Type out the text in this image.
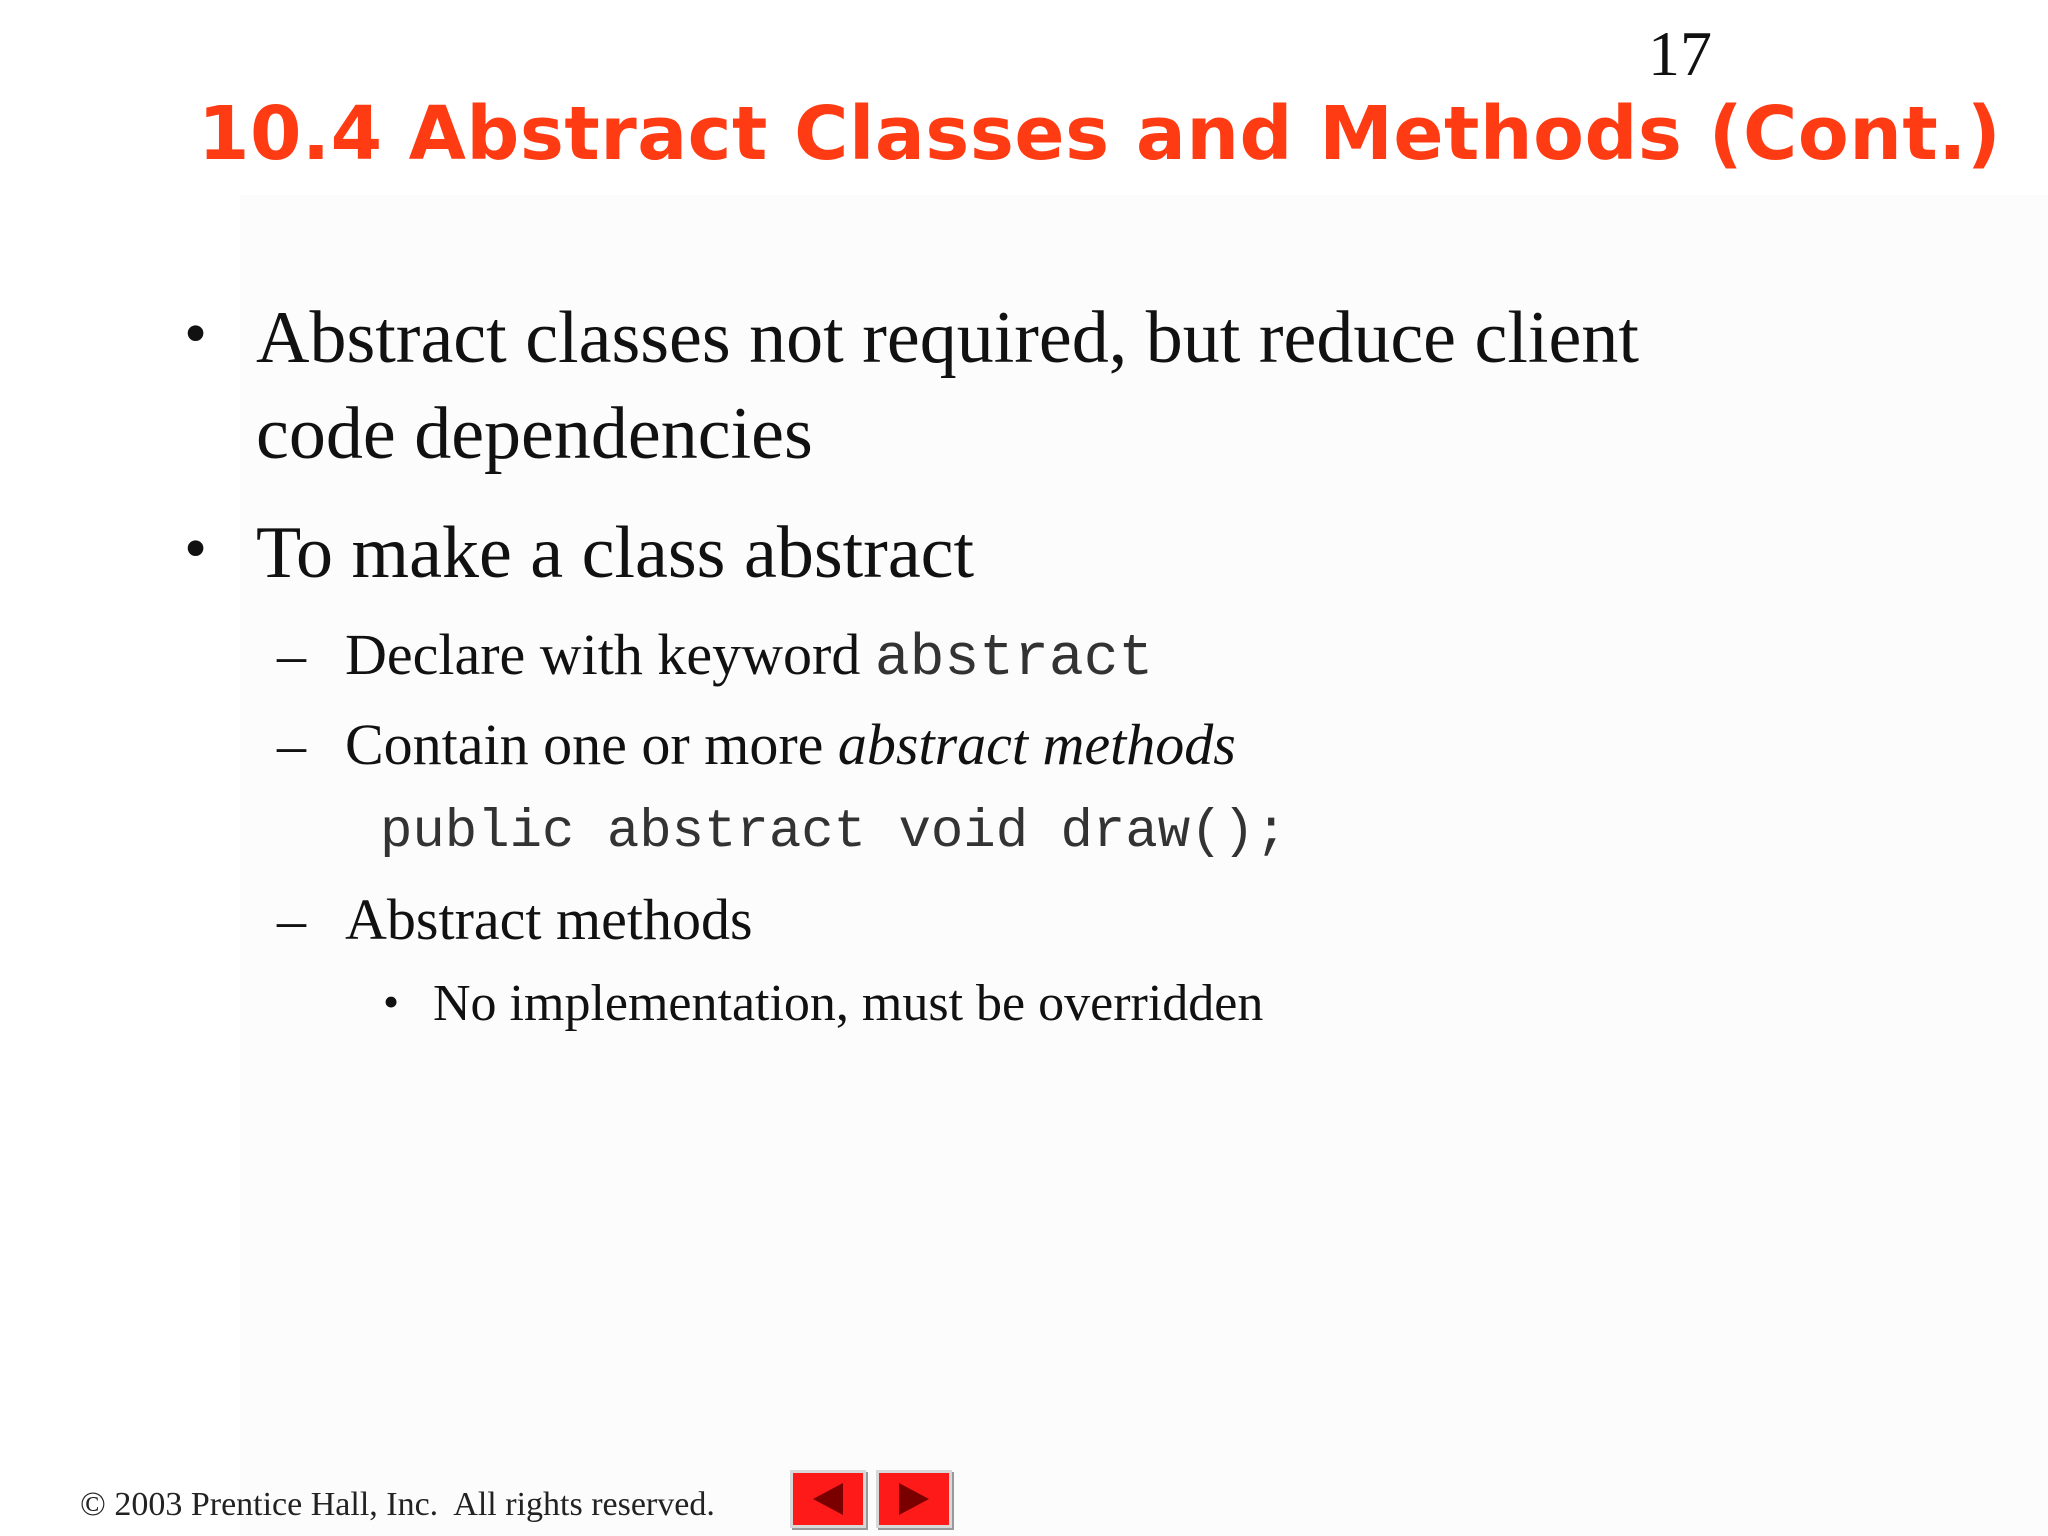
17
10.4 Abstract Classes and Methods (Cont.)
• Abstract classes not required, but reduce client
code dependencies
• To make a class abstract
– Declare with keyword abstract
– Contain one or more abstract methods
public abstract void draw();
– Abstract methods
• No implementation, must be overridden
© 2003 Prentice Hall, Inc.  All rights reserved.
